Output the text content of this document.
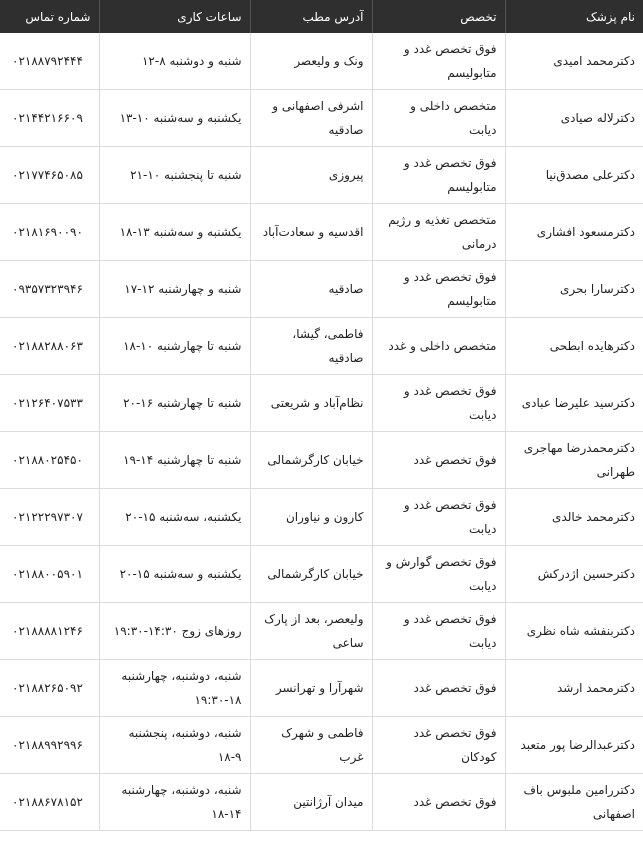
نام پزشک	تخصص	آدرس مطب	ساعات کاری	شماره تماس
دکترمحمد امیدی	فوق تخصص غدد و متابولیسم	ونک و ولیعصر	شنبه و دوشنبه ۸-۱۲	۰۲۱۸۸۷۹۲۴۴۴
دکترلاله صیادی	متخصص داخلی و دیابت	اشرفی اصفهانی و صادقیه	یکشنبه و سه‌شنبه ۱۰-۱۳	۰۲۱۴۴۲۱۶۶۰۹
دکترعلی مصدق‌نیا	فوق تخصص غدد و متابولیسم	پیروزی	شنبه تا پنجشنبه ۱۰-۲۱	۰۲۱۷۷۴۶۵۰۸۵
دکترمسعود افشاری	متخصص تغذیه و رژیم درمانی	اقدسیه و سعادت‌آباد	یکشنبه و سه‌شنبه ۱۳-۱۸	۰۲۱۸۱۶۹۰۰۹۰
دکترسارا بحری	فوق تخصص غدد و متابولیسم	صادقیه	شنبه و چهارشنبه ۱۲-۱۷	۰۹۳۵۷۳۲۳۹۴۶
دکترهایده ابطحی	متخصص داخلی و غدد	فاطمی، گیشا، صادقیه	شنبه تا چهارشنبه ۱۰-۱۸	۰۲۱۸۸۲۸۸۰۶۳
دکترسید علیرضا عبادی	فوق تخصص غدد و دیابت	نظام‌آباد و شریعتی	شنبه تا چهارشنبه ۱۶-۲۰	۰۲۱۲۶۴۰۷۵۳۳
دکترمحمدرضا مهاجری طهرانی	فوق تخصص غدد	خیابان کارگرشمالی	شنبه تا چهارشنبه ۱۴-۱۹	۰۲۱۸۸۰۲۵۴۵۰
دکترمحمد خالدی	فوق تخصص غدد و دیابت	کارون و نیاوران	یکشنبه، سه‌شنبه ۱۵-۲۰	۰۲۱۲۲۲۹۷۳۰۷
دکترحسین اژدرکش	فوق تخصص گوارش و دیابت	خیابان کارگرشمالی	یکشنبه و سه‌شنبه ۱۵-۲۰	۰۲۱۸۸۰۰۵۹۰۱
دکتربنفشه شاه نظری	فوق تخصص غدد و دیابت	ولیعصر، بعد از پارک ساعی	روزهای زوج ۱۴:۳۰-۱۹:۳۰	۰۲۱۸۸۸۸۱۲۴۶
دکترمحمد ارشد	فوق تخصص غدد	شهرآرا و تهرانسر	شنبه، دوشنبه، چهارشنبه ۱۸-۱۹:۳۰	۰۲۱۸۸۲۶۵۰۹۲
دکترعبدالرضا پور متعبد	فوق تخصص غدد کودکان	فاطمی و شهرک غرب	شنبه، دوشنبه، پنجشنبه ۹-۱۸	۰۲۱۸۸۹۹۲۹۹۶
دکتررامین ملبوس باف اصفهانی	فوق تخصص غدد	میدان آرژانتین	شنبه، دوشنبه، چهارشنبه ۱۴-۱۸	۰۲۱۸۸۶۷۸۱۵۲
